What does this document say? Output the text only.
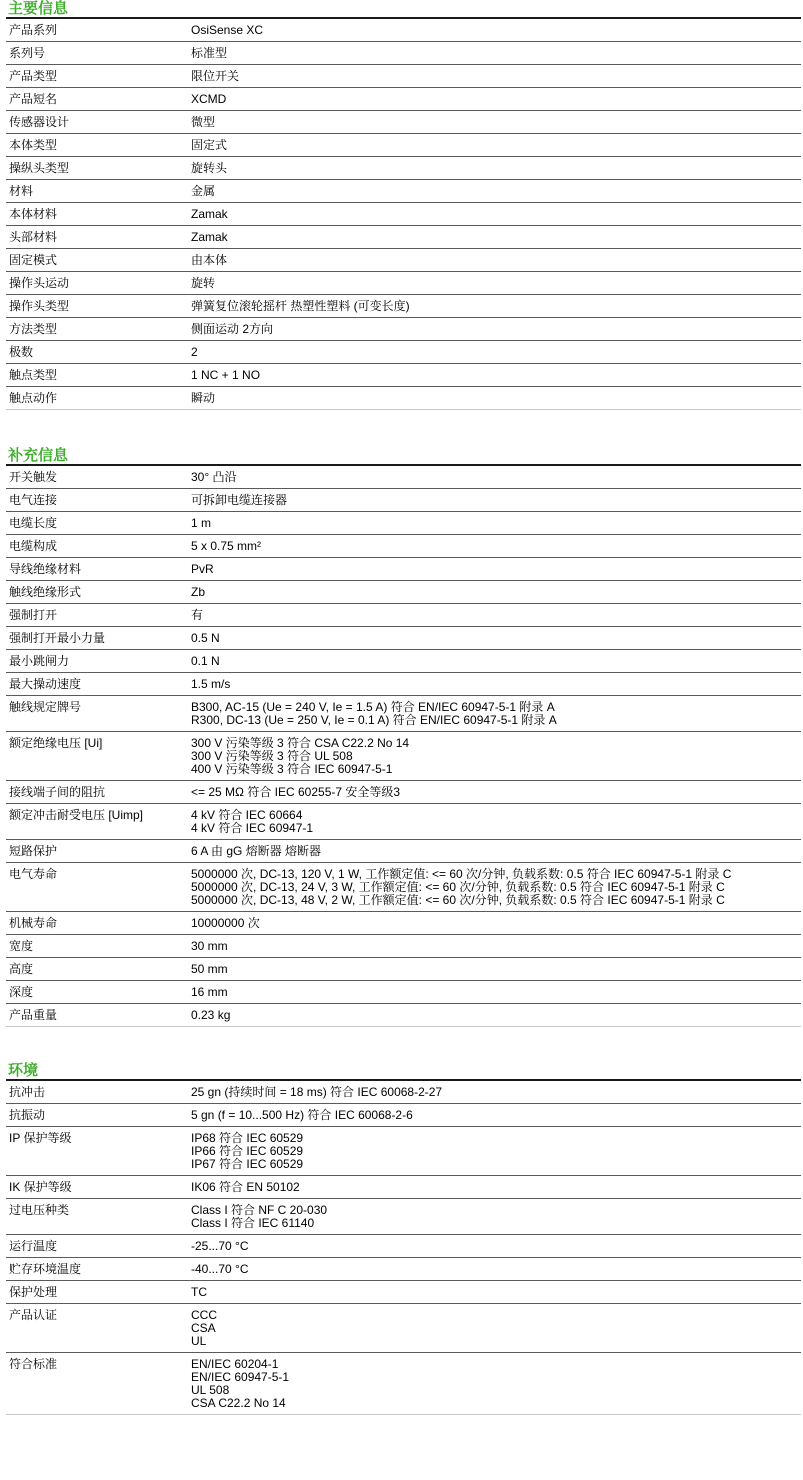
主要信息
产品系列	OsiSense XC
系列号	标准型
产品类型	限位开关
产品短名	XCMD
传感器设计	微型
本体类型	固定式
操纵头类型	旋转头
材料	金属
本体材料	Zamak
头部材料	Zamak
固定模式	由本体
操作头运动	旋转
操作头类型	弹簧复位滚轮摇杆 热塑性塑料 (可变长度)
方法类型	侧面运动 2方向
极数	2
触点类型	1 NC + 1 NO
触点动作	瞬动
补充信息
开关触发	30° 凸沿
电气连接	可拆卸电缆连接器
电缆长度	1 m
电缆构成	5 x 0.75 mm²
导线绝缘材料	PvR
触线绝缘形式	Zb
强制打开	有
强制打开最小力量	0.5 N
最小跳闸力	0.1 N
最大操动速度	1.5 m/s
触线规定牌号	B300, AC-15 (Ue = 240 V, Ie = 1.5 A) 符合 EN/IEC 60947-5-1 附录 A
R300, DC-13 (Ue = 250 V, Ie = 0.1 A) 符合 EN/IEC 60947-5-1 附录 A
额定绝缘电压 [Ui]	300 V 污染等级 3 符合 CSA C22.2 No 14
300 V 污染等级 3 符合 UL 508
400 V 污染等级 3 符合 IEC 60947-5-1
接线端子间的阻抗	<= 25 MΩ 符合 IEC 60255-7 安全等级3
额定冲击耐受电压 [Uimp]	4 kV 符合 IEC 60664
4 kV 符合 IEC 60947-1
短路保护	6 A 由 gG 熔断器 熔断器
电气寿命	5000000 次, DC-13, 120 V, 1 W, 工作额定值: <= 60 次/分钟, 负载系数: 0.5 符合 IEC 60947-5-1 附录 C
5000000 次, DC-13, 24 V, 3 W, 工作额定值: <= 60 次/分钟, 负载系数: 0.5 符合 IEC 60947-5-1 附录 C
5000000 次, DC-13, 48 V, 2 W, 工作额定值: <= 60 次/分钟, 负载系数: 0.5 符合 IEC 60947-5-1 附录 C
机械寿命	10000000 次
宽度	30 mm
高度	50 mm
深度	16 mm
产品重量	0.23 kg
环境
抗冲击	25 gn (持续时间 = 18 ms) 符合 IEC 60068-2-27
抗振动	5 gn (f = 10...500 Hz) 符合 IEC 60068-2-6
IP 保护等级	IP68 符合 IEC 60529
IP66 符合 IEC 60529
IP67 符合 IEC 60529
IK 保护等级	IK06 符合 EN 50102
过电压种类	Class I 符合 NF C 20-030
Class I 符合 IEC 61140
运行温度	-25...70 °C
贮存环境温度	-40...70 °C
保护处理	TC
产品认证	CCC
CSA
UL
符合标准	EN/IEC 60204-1
EN/IEC 60947-5-1
UL 508
CSA C22.2 No 14
